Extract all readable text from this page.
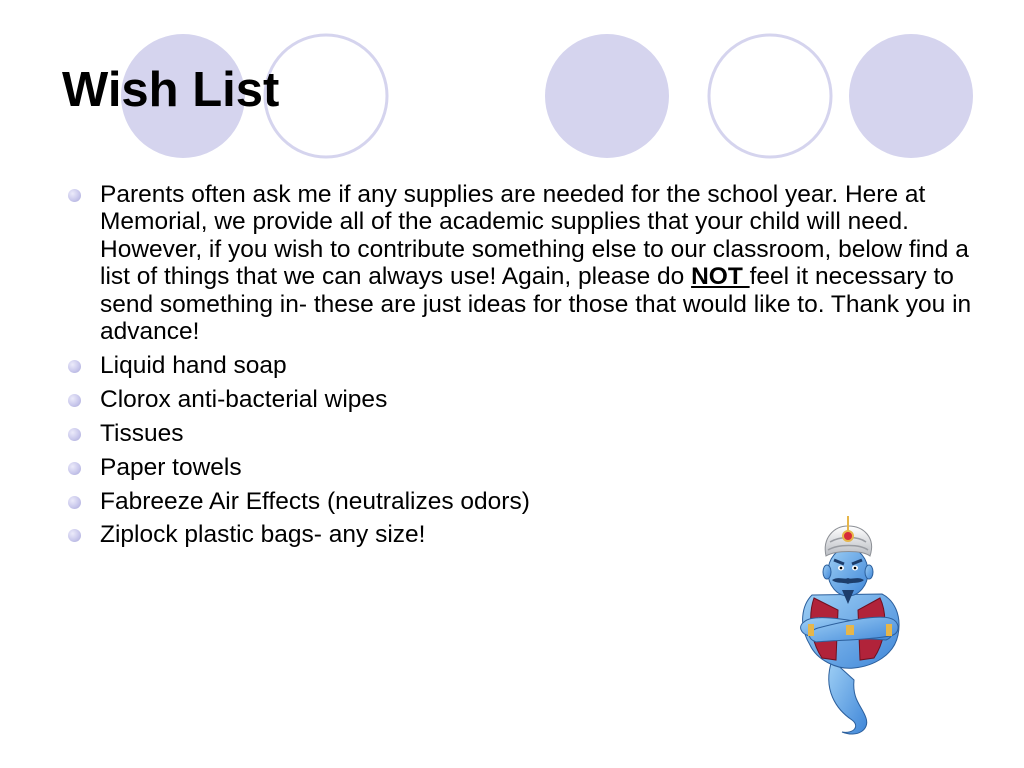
Wish List
Parents often ask me if any supplies are needed for the school year. Here at Memorial, we provide all of the academic supplies that your child will need. However, if you wish to contribute something else to our classroom, below find a list of things that we can always use! Again, please do NOT feel it necessary to send something in- these are just ideas for those that would like to. Thank you in advance!
Liquid hand soap
Clorox anti-bacterial wipes
Tissues
Paper towels
Fabreeze Air Effects (neutralizes odors)
Ziplock plastic bags- any size!
